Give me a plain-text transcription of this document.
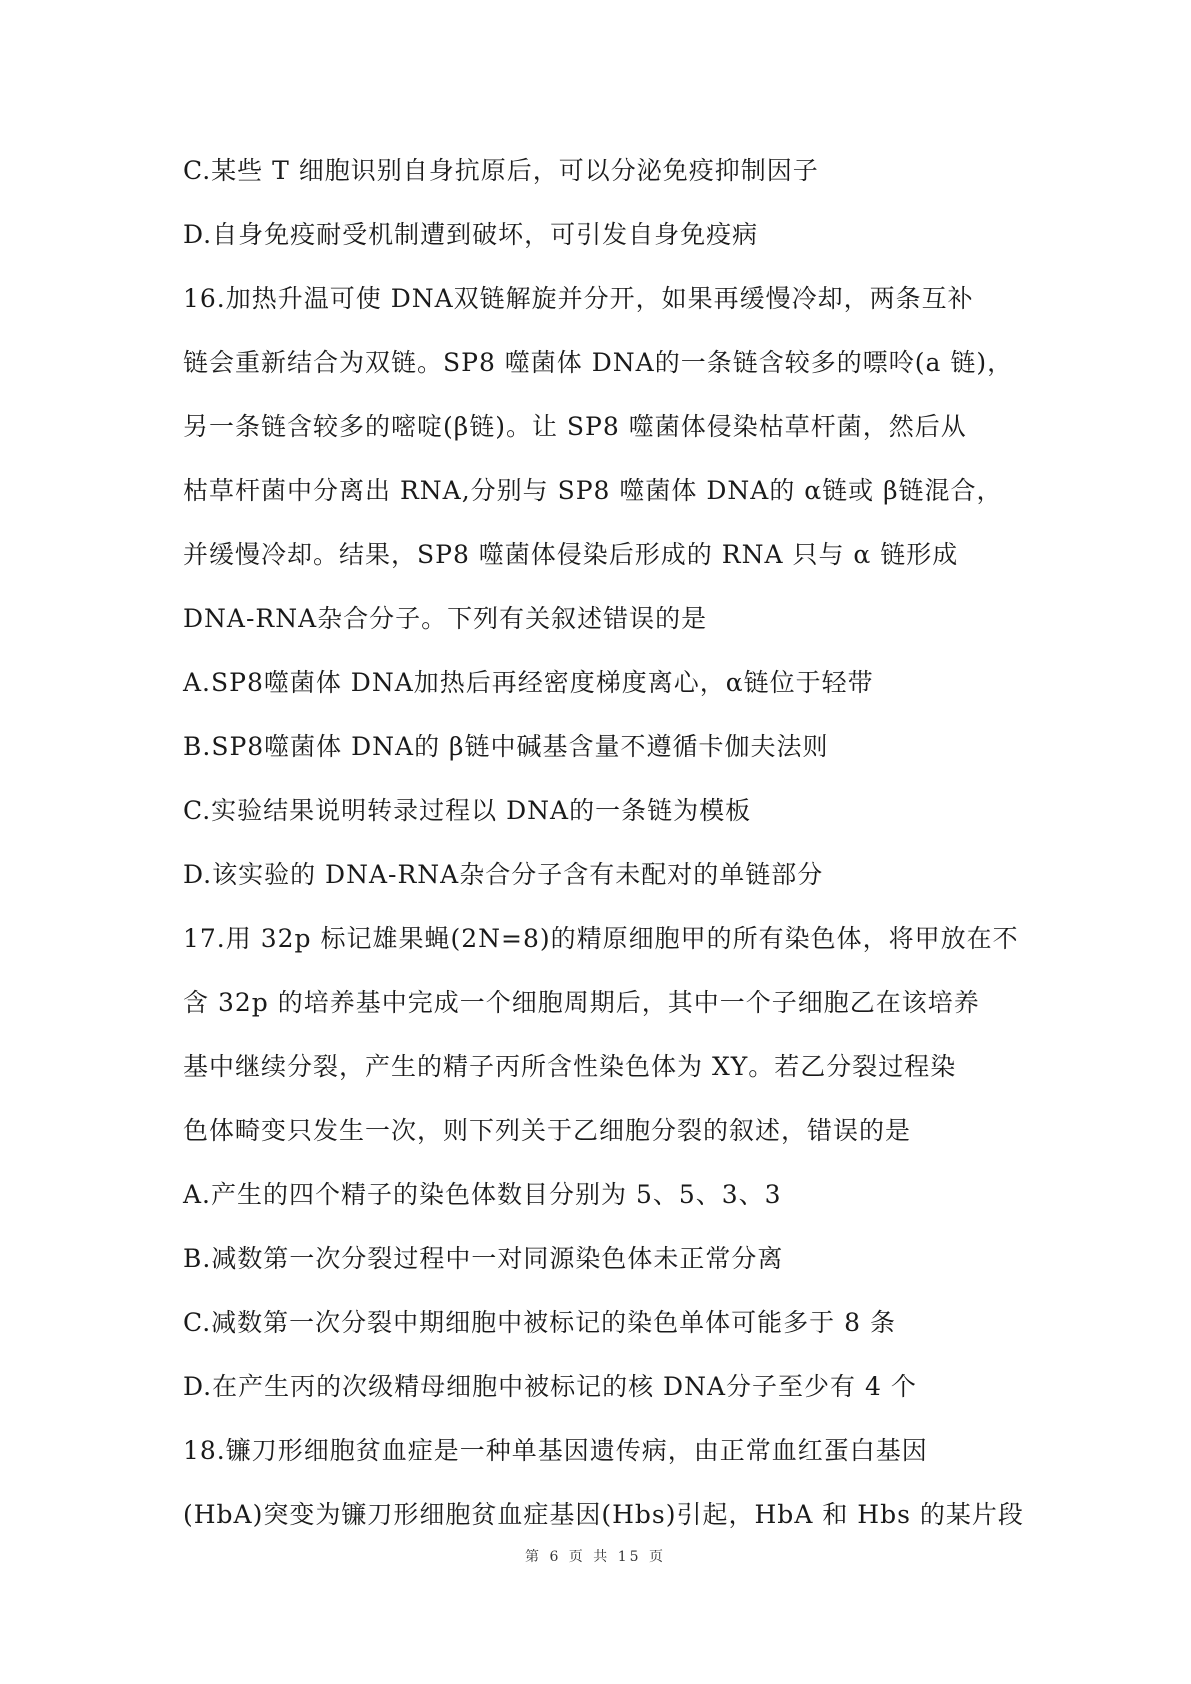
C.某些 T 细胞识别自身抗原后，可以分泌免疫抑制因子
D.自身免疫耐受机制遭到破坏，可引发自身免疫病
16.加热升温可使 DNA双链解旋并分开，如果再缓慢冷却，两条互补
链会重新结合为双链。SP8 噬菌体 DNA的一条链含较多的嘌呤(a 链)，
另一条链含较多的嘧啶(β链)。让 SP8 噬菌体侵染枯草杆菌，然后从
枯草杆菌中分离出 RNA,分别与 SP8 噬菌体 DNA的 α链或 β链混合，
并缓慢冷却。结果，SP8 噬菌体侵染后形成的 RNA 只与 α 链形成
DNA-RNA杂合分子。下列有关叙述错误的是
A.SP8噬菌体 DNA加热后再经密度梯度离心，α链位于轻带
B.SP8噬菌体 DNA的 β链中碱基含量不遵循卡伽夫法则
C.实验结果说明转录过程以 DNA的一条链为模板
D.该实验的 DNA-RNA杂合分子含有未配对的单链部分
17.用 32p 标记雄果蝇(2N=8)的精原细胞甲的所有染色体，将甲放在不
含 32p 的培养基中完成一个细胞周期后，其中一个子细胞乙在该培养
基中继续分裂，产生的精子丙所含性染色体为 XY。若乙分裂过程染
色体畸变只发生一次，则下列关于乙细胞分裂的叙述，错误的是
A.产生的四个精子的染色体数目分别为 5、5、3、3
B.减数第一次分裂过程中一对同源染色体未正常分离
C.减数第一次分裂中期细胞中被标记的染色单体可能多于 8 条
D.在产生丙的次级精母细胞中被标记的核 DNA分子至少有 4 个
18.镰刀形细胞贫血症是一种单基因遗传病，由正常血红蛋白基因
(HbA)突变为镰刀形细胞贫血症基因(Hbs)引起，HbA 和 Hbs 的某片段
第 6 页 共 15 页
